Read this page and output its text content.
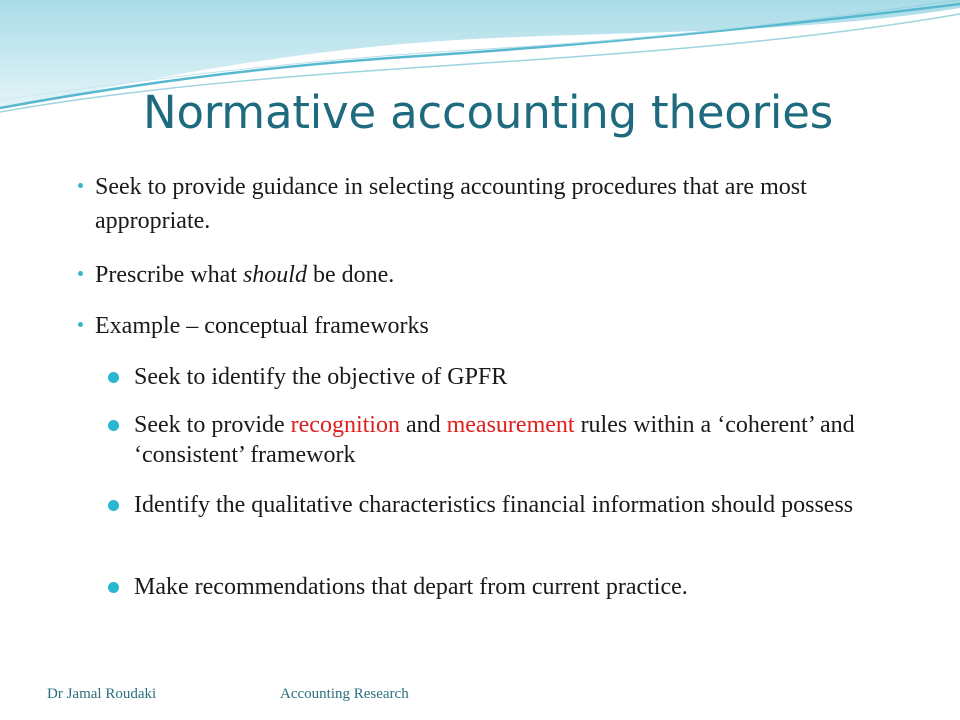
Normative accounting theories
Seek to provide guidance in selecting accounting procedures that are most appropriate.
Prescribe what should be done.
Example – conceptual frameworks
Seek to identify the objective of GPFR
Seek to provide recognition and measurement rules within a ‘coherent’ and ‘consistent’ framework
Identify the qualitative characteristics financial information should possess
Make recommendations that depart from current practice.
Dr Jamal Roudaki	Accounting Research
